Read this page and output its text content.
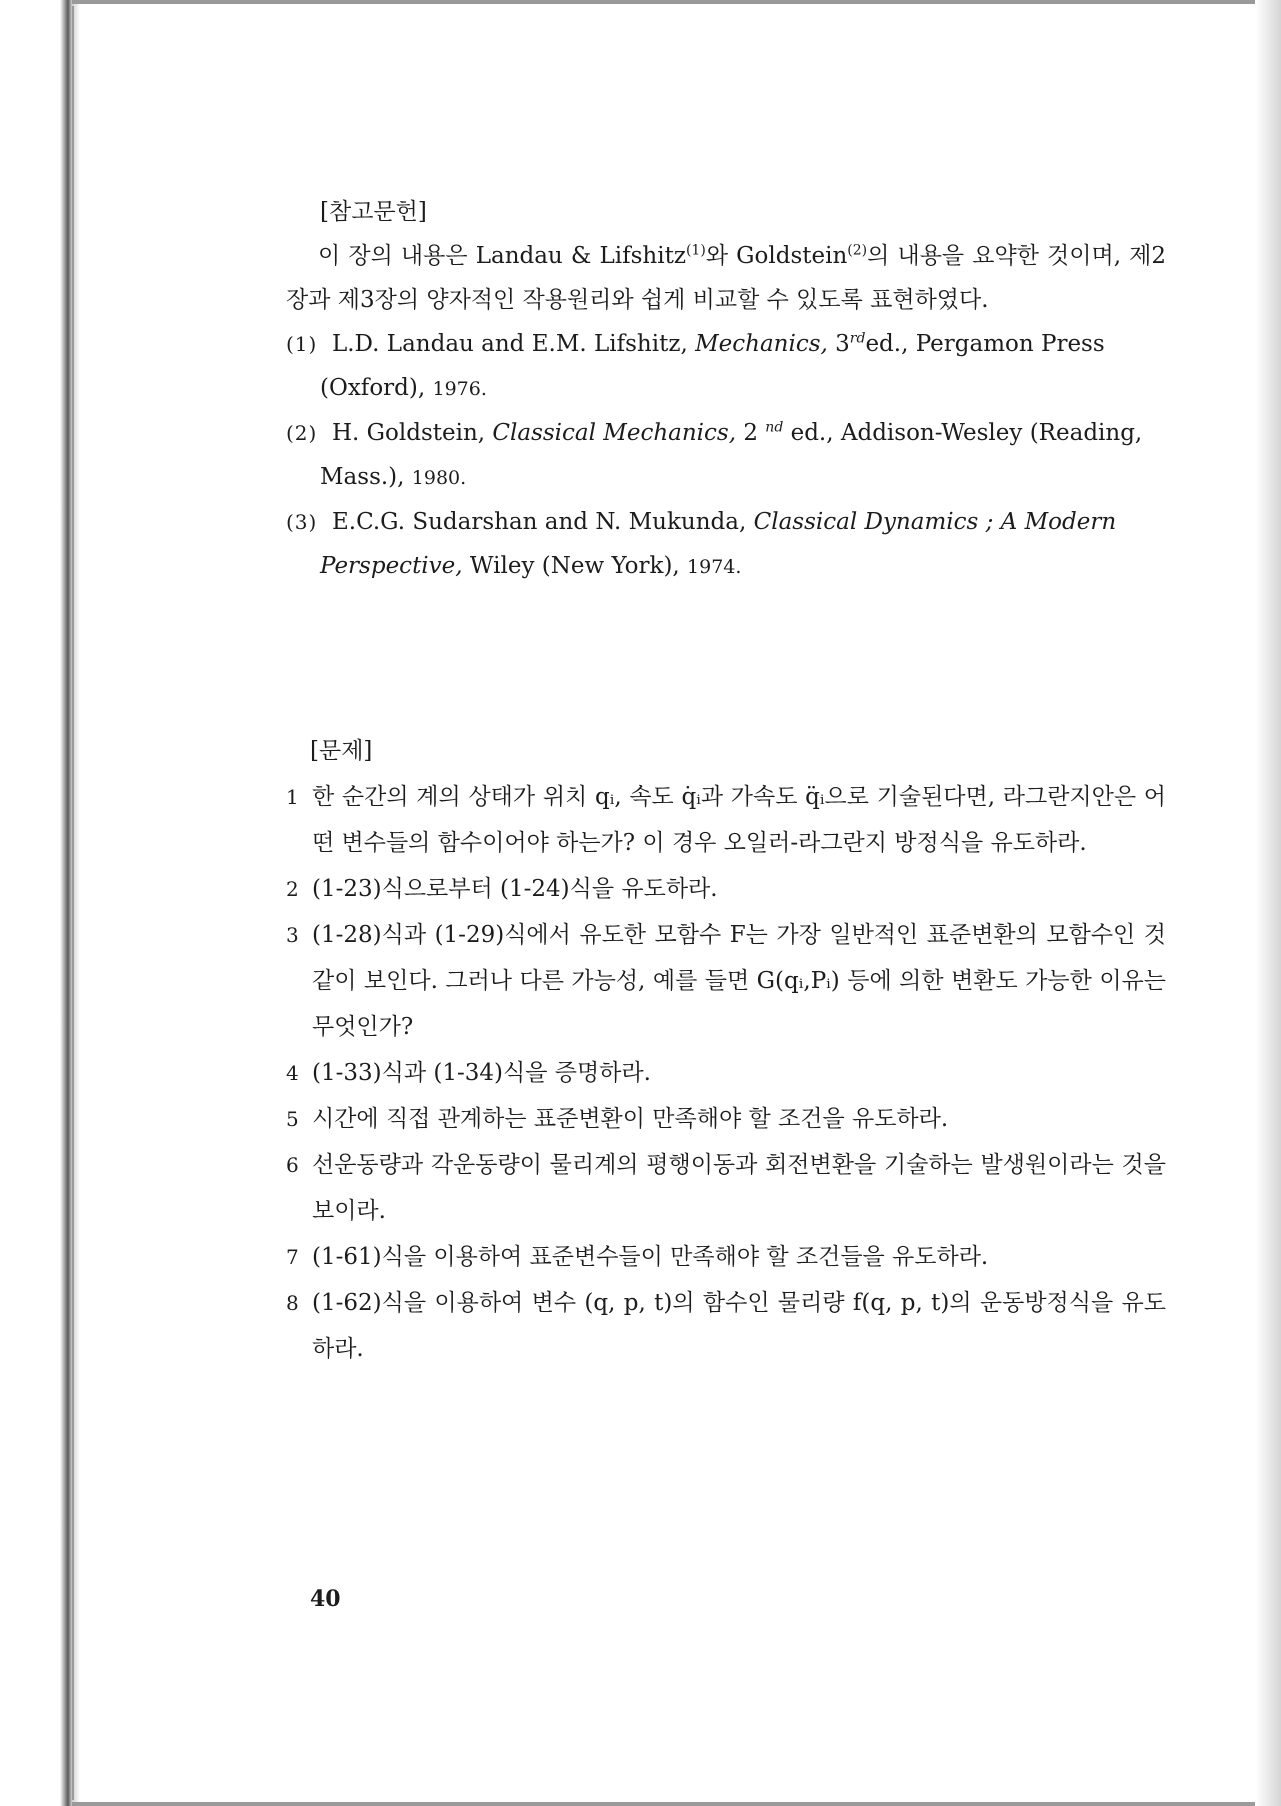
[참고문헌]
이 장의 내용은 Landau & Lifshitz$^{(1)}$와 Goldstein$^{(2)}$의 내용을 요약한 것이며, 제2장과 제3장의 양자적인 작용원리와 쉽게 비교할 수 있도록 표현하였다.
(1) L.D. Landau and E.M. Lifshitz, Mechanics, 3rded., Pergamon Press (Oxford), 1976.
(2) H. Goldstein, Classical Mechanics, 2 $^{nd}$ ed., Addison-Wesley (Reading, Mass.), 1980.
(3) E.C.G. Sudarshan and N. Mukunda, Classical Dynamics ; A Modern Perspective, Wiley (New York), 1974.
[문제]
1 한 순간의 계의 상태가 위치 qᵢ, 속도 q̇ᵢ과 가속도 q̈ᵢ으로 기술된다면, 라그란지안은 어떤 변수들의 함수이어야 하는가? 이 경우 오일러-라그란지 방정식을 유도하라.
2 (1-23)식으로부터 (1-24)식을 유도하라.
3 (1-28)식과 (1-29)식에서 유도한 모함수 F는 가장 일반적인 표준변환의 모함수인 것같이 보인다. 그러나 다른 가능성, 예를 들면 G(qᵢ,Pᵢ) 등에 의한 변환도 가능한 이유는 무엇인가?
4 (1-33)식과 (1-34)식을 증명하라.
5 시간에 직접 관계하는 표준변환이 만족해야 할 조건을 유도하라.
6 선운동량과 각운동량이 물리계의 평행이동과 회전변환을 기술하는 발생원이라는 것을 보이라.
7 (1-61)식을 이용하여 표준변수들이 만족해야 할 조건들을 유도하라.
8 (1-62)식을 이용하여 변수 (q, p, t)의 함수인 물리량 f(q, p, t)의 운동방정식을 유도하라.
40
